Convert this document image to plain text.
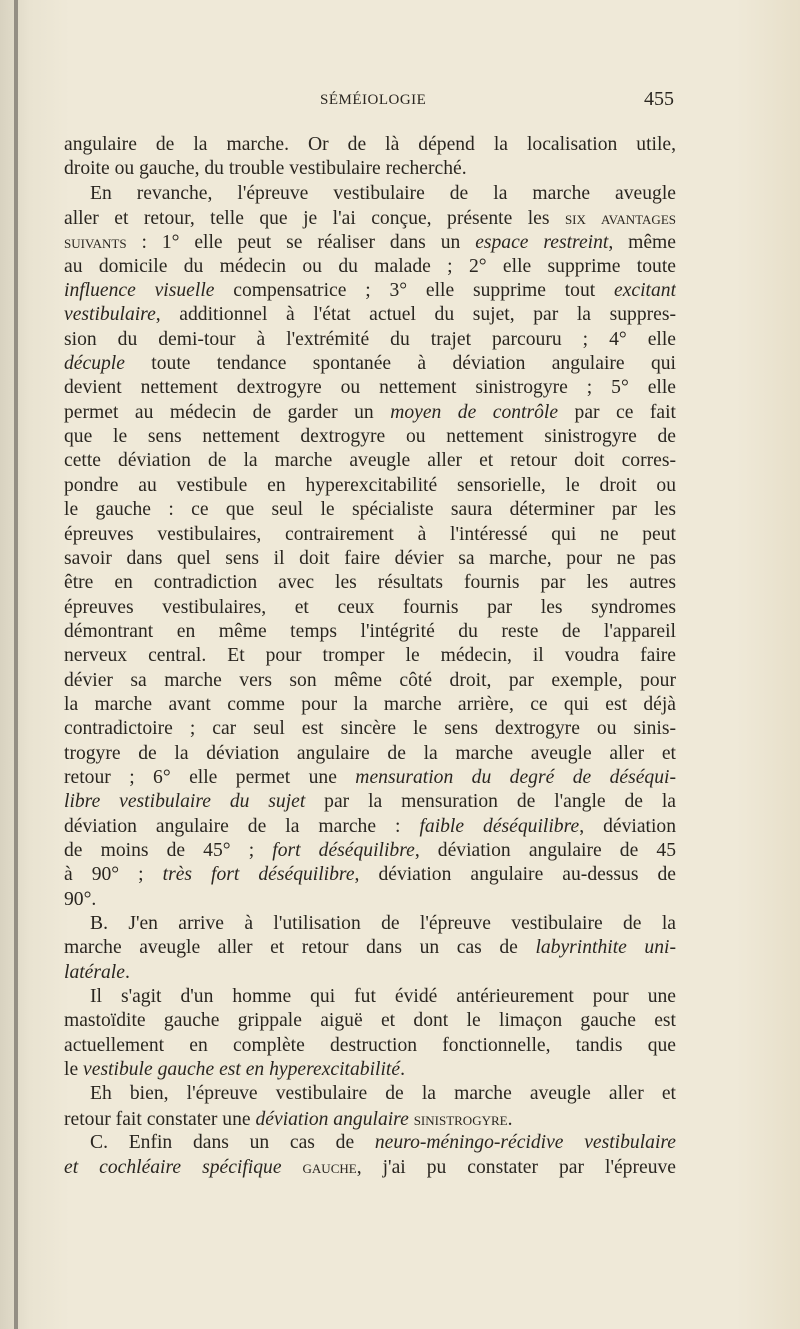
SÉMÉIOLOGIE	455
angulaire de la marche. Or de là dépend la localisation utile,
droite ou gauche, du trouble vestibulaire recherché.
En revanche, l'épreuve vestibulaire de la marche aveugle
aller et retour, telle que je l'ai conçue, présente les six avantages
suivants : 1° elle peut se réaliser dans un espace restreint, même
au domicile du médecin ou du malade ; 2° elle supprime toute
influence visuelle compensatrice ; 3° elle supprime tout excitant
vestibulaire, additionnel à l'état actuel du sujet, par la suppres-
sion du demi-tour à l'extrémité du trajet parcouru ; 4° elle
décuple toute tendance spontanée à déviation angulaire qui
devient nettement dextrogyre ou nettement sinistrogyre ; 5° elle
permet au médecin de garder un moyen de contrôle par ce fait
que le sens nettement dextrogyre ou nettement sinistrogyre de
cette déviation de la marche aveugle aller et retour doit corres-
pondre au vestibule en hyperexcitabilité sensorielle, le droit ou
le gauche : ce que seul le spécialiste saura déterminer par les
épreuves vestibulaires, contrairement à l'intéressé qui ne peut
savoir dans quel sens il doit faire dévier sa marche, pour ne pas
être en contradiction avec les résultats fournis par les autres
épreuves vestibulaires, et ceux fournis par les syndromes
démontrant en même temps l'intégrité du reste de l'appareil
nerveux central. Et pour tromper le médecin, il voudra faire
dévier sa marche vers son même côté droit, par exemple, pour
la marche avant comme pour la marche arrière, ce qui est déjà
contradictoire ; car seul est sincère le sens dextrogyre ou sinis-
trogyre de la déviation angulaire de la marche aveugle aller et
retour ; 6° elle permet une mensuration du degré de déséqui-
libre vestibulaire du sujet par la mensuration de l'angle de la
déviation angulaire de la marche : faible déséquilibre, déviation
de moins de 45° ; fort déséquilibre, déviation angulaire de 45
à 90° ; très fort déséquilibre, déviation angulaire au-dessus de
90°.
B. J'en arrive à l'utilisation de l'épreuve vestibulaire de la
marche aveugle aller et retour dans un cas de labyrinthite uni-
latérale.
Il s'agit d'un homme qui fut évidé antérieurement pour une
mastoïdite gauche grippale aiguë et dont le limaçon gauche est
actuellement en complète destruction fonctionnelle, tandis que
le vestibule gauche est en hyperexcitabilité.
Eh bien, l'épreuve vestibulaire de la marche aveugle aller et
retour fait constater une déviation angulaire sinistrogyre.
C. Enfin dans un cas de neuro-méningo-récidive vestibulaire
et cochléaire spécifique gauche, j'ai pu constater par l'épreuve
